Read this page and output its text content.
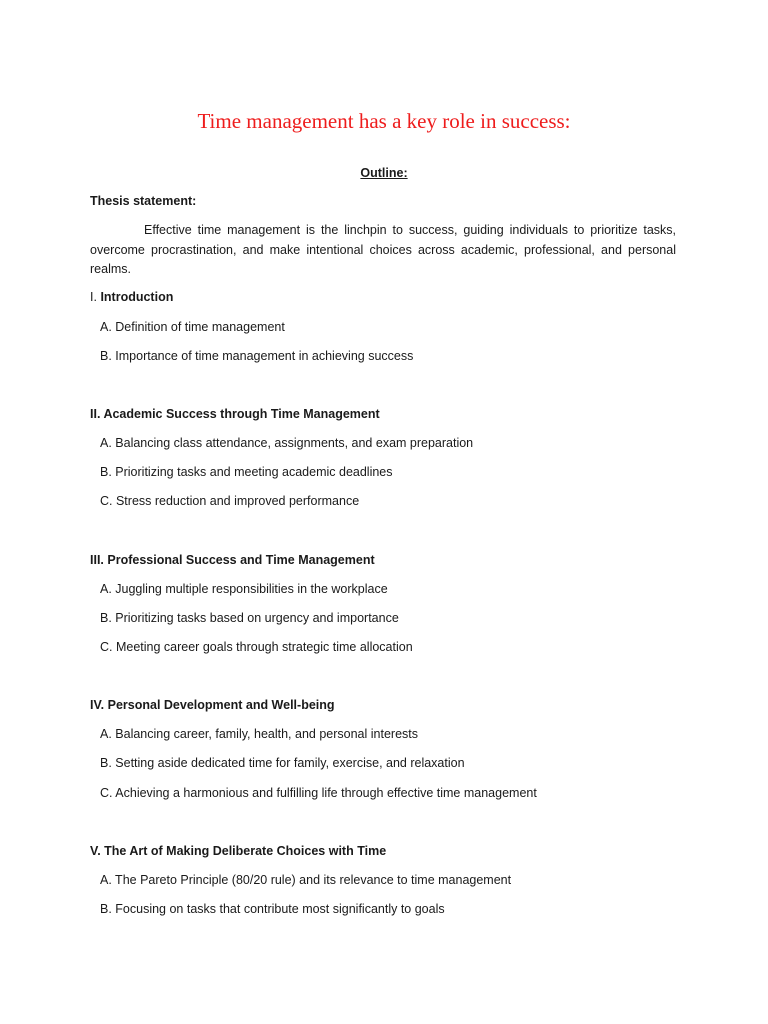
Time management has a key role in success:
Outline:
Thesis statement:

Effective time management is the linchpin to success, guiding individuals to prioritize tasks, overcome procrastination, and make intentional choices across academic, professional, and personal realms.

I. Introduction
A. Definition of time management
B. Importance of time management in achieving success
II. Academic Success through Time Management
A. Balancing class attendance, assignments, and exam preparation
B. Prioritizing tasks and meeting academic deadlines
C. Stress reduction and improved performance
III. Professional Success and Time Management
A. Juggling multiple responsibilities in the workplace
B. Prioritizing tasks based on urgency and importance
C. Meeting career goals through strategic time allocation
IV. Personal Development and Well-being
A. Balancing career, family, health, and personal interests
B. Setting aside dedicated time for family, exercise, and relaxation
C. Achieving a harmonious and fulfilling life through effective time management
V. The Art of Making Deliberate Choices with Time
A. The Pareto Principle (80/20 rule) and its relevance to time management
B. Focusing on tasks that contribute most significantly to goals
